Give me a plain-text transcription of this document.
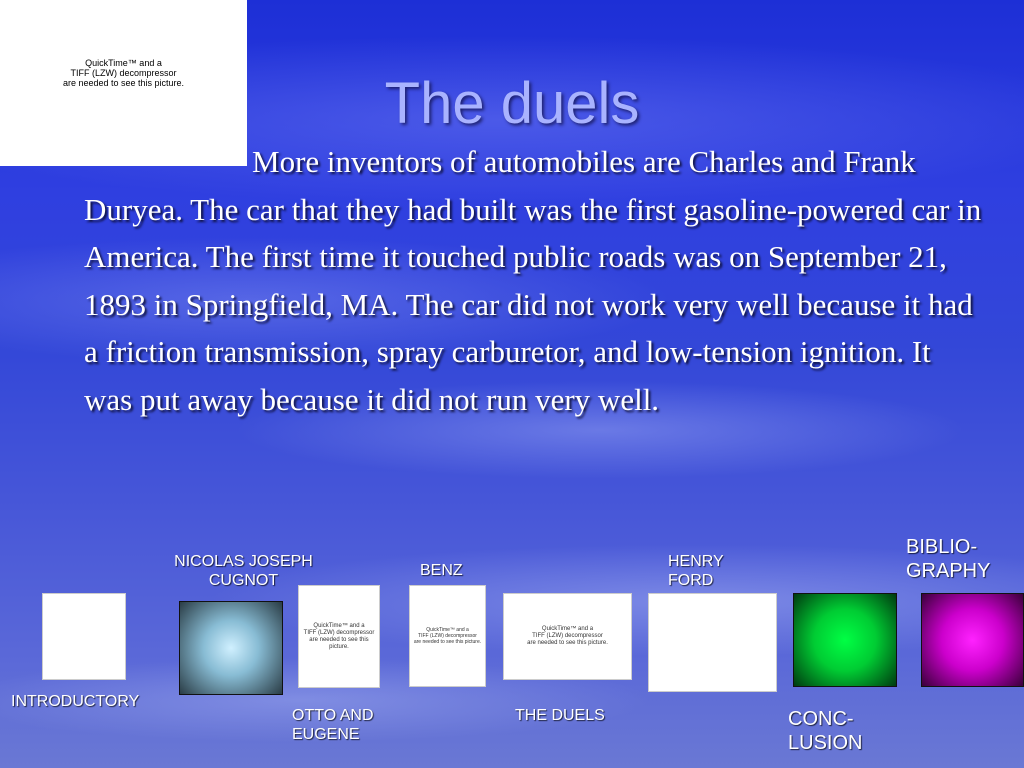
QuickTime™ and a
TIFF (LZW) decompressor
are needed to see this picture.	The duels
More inventors of automobiles are Charles and Frank Duryea. The car that they had built was the first gasoline-powered car in America. The first time it touched public roads was on September 21, 1893 in Springfield, MA. The car did not work very well because it had a friction transmission, spray carburetor, and low-tension ignition. It was put away because it did not run very well.
NICOLAS JOSEPH
CUGNOT
BENZ
HENRY
FORD
BIBLIO-
GRAPHY
INTRODUCTORY
OTTO AND
EUGENE
THE DUELS	CONC-
LUSION
QuickTime™ and a
TIFF (LZW) decompressor
are needed to see this picture.
QuickTime™ and a
TIFF (LZW) decompressor
are needed to see this picture.
QuickTime™ and a
TIFF (LZW) decompressor
are needed to see this picture.
